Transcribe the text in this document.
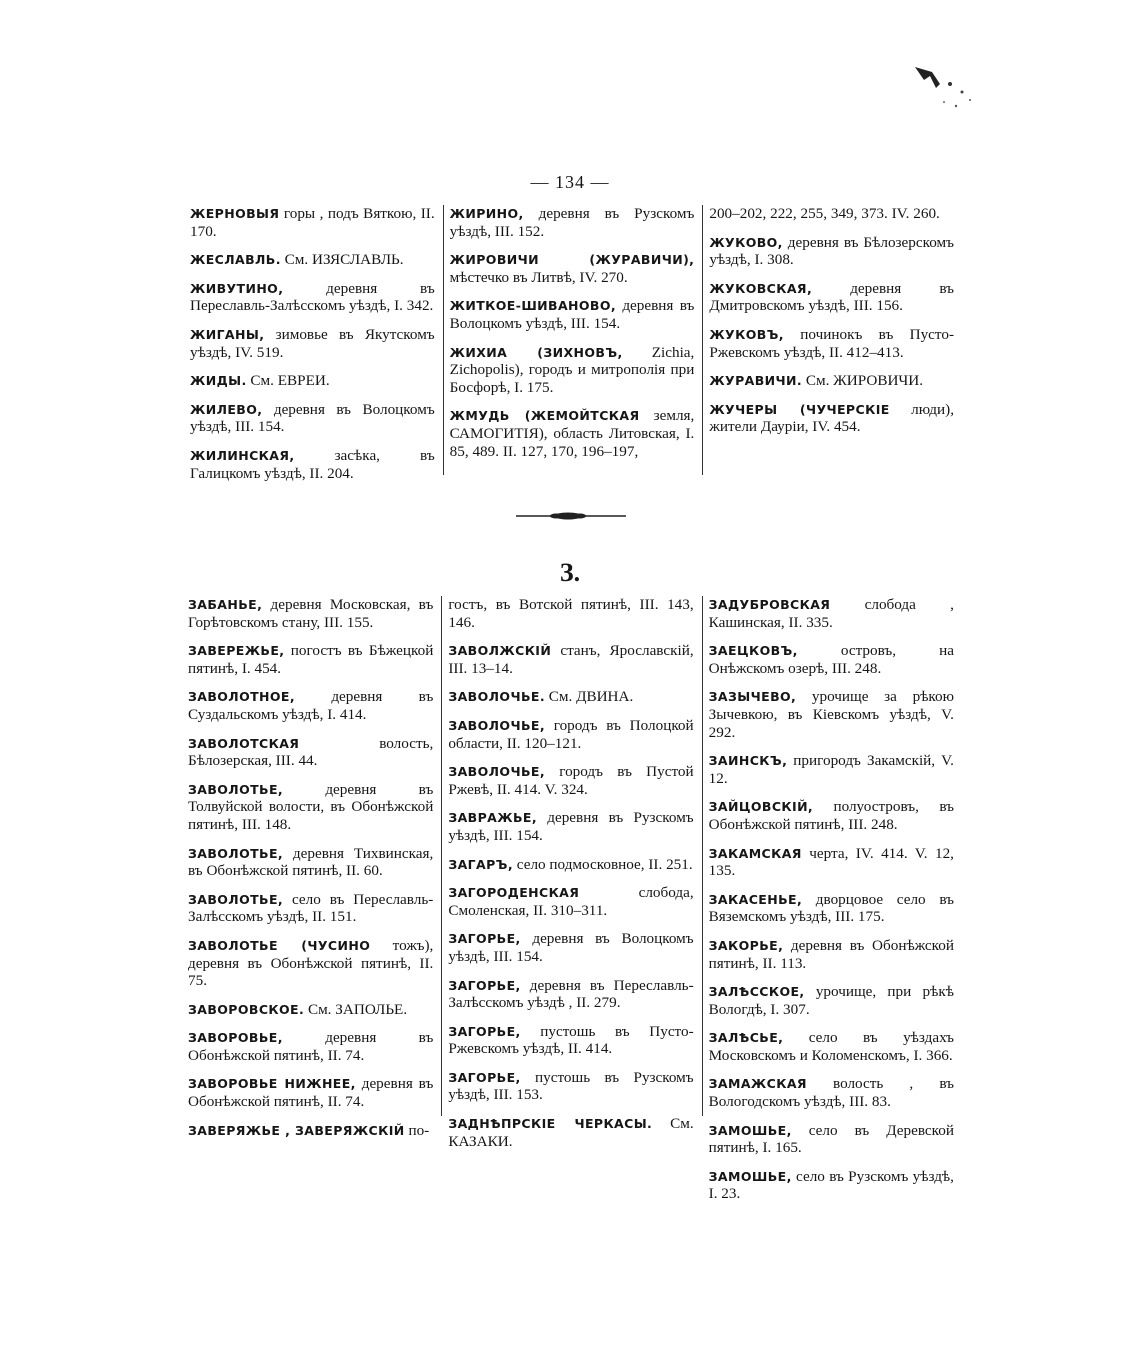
— 134 —

ЖЕРНОВЫЯ горы , подъ Вяткою, II. 170.

ЖЕСЛАВЛЬ. См. ИЗЯСЛАВЛЬ.

ЖИВУТИНО, деревня въ Переславль-Залѣсскомъ уѣздѣ, I. 342.

ЖИГАНЫ, зимовье въ Якутскомъ уѣздѣ, IV. 519.

ЖИДЫ. См. ЕВРЕИ.

ЖИЛЕВО, деревня въ Волоцкомъ уѣздѣ, III. 154.

ЖИЛИНСКАЯ, засѣка, въ Галицкомъ уѣздѣ, II. 204.

ЖИРИНО, деревня въ Рузскомъ уѣздѣ, III. 152.

ЖИРОВИЧИ (ЖУРАВИЧИ), мѣстечко въ Литвѣ, IV. 270.

ЖИТКОЕ-ШИВАНОВО, деревня въ Волоцкомъ уѣздѣ, III. 154.

ЖИХИА (ЗИХНОВЪ, Zichia, Zichopolis), городъ и митрополія при Босфорѣ, I. 175.

ЖМУДЬ (ЖЕМОЙТСКАЯ земля, САМОГИТІЯ), область Литовская, I. 85, 489. II. 127, 170, 196–197,

200–202, 222, 255, 349, 373. IV. 260.

ЖУКОВО, деревня въ Бѣлозерскомъ уѣздѣ, I. 308.

ЖУКОВСКАЯ, деревня въ Дмитровскомъ уѣздѣ, III. 156.

ЖУКОВЪ, починокъ въ Пусто-Ржевскомъ уѣздѣ, II. 412–413.

ЖУРАВИЧИ. См. ЖИРОВИЧИ.

ЖУЧЕРЫ (ЧУЧЕРСКІЕ люди), жители Дауріи, IV. 454.

З.

ЗАБАНЬЕ, деревня Московская, въ Горѣтовскомъ стану, III. 155.

ЗАВЕРЕЖЬЕ, погостъ въ Бѣжецкой пятинѣ, I. 454.

ЗАВОЛОТНОЕ, деревня въ Суздальскомъ уѣздѣ, I. 414.

ЗАВОЛОТСКАЯ волость, Бѣлозерская, III. 44.

ЗАВОЛОТЬЕ, деревня въ Толвуйской волости, въ Обонѣжской пятинѣ, III. 148.

ЗАВОЛОТЬЕ, деревня Тихвинская, въ Обонѣжской пятинѣ, II. 60.

ЗАВОЛОТЬЕ, село въ Переславль-Залѣсскомъ уѣздѣ, II. 151.

ЗАВОЛОТЬЕ (ЧУСИНО тожъ), деревня въ Обонѣжской пятинѣ, II. 75.

ЗАВОРОВСКОЕ. См. ЗАПОЛЬЕ.

ЗАВОРОВЬЕ, деревня въ Обонѣжской пятинѣ, II. 74.

ЗАВОРОВЬЕ НИЖНЕЕ, деревня въ Обонѣжской пятинѣ, II. 74.

ЗАВЕРЯЖЬЕ , ЗАВЕРЯЖСКІЙ по-

гостъ, въ Вотской пятинѣ, III. 143, 146.

ЗАВОЛЖСКІЙ станъ, Ярославскій, III. 13–14.

ЗАВОЛОЧЬЕ. См. ДВИНА.

ЗАВОЛОЧЬЕ, городъ въ Полоцкой области, II. 120–121.

ЗАВОЛОЧЬЕ, городъ въ Пустой Ржевѣ, II. 414. V. 324.

ЗАВРАЖЬЕ, деревня въ Рузскомъ уѣздѣ, III. 154.

ЗАГАРЪ, село подмосковное, II. 251.

ЗАГОРОДЕНСКАЯ слобода, Смоленская, II. 310–311.

ЗАГОРЬЕ, деревня въ Волоцкомъ уѣздѣ, III. 154.

ЗАГОРЬЕ, деревня въ Переславль-Залѣсскомъ уѣздѣ , II. 279.

ЗАГОРЬЕ, пустошь въ Пусто-Ржевскомъ уѣздѣ, II. 414.

ЗАГОРЬЕ, пустошь въ Рузскомъ уѣздѣ, III. 153.

ЗАДНѢПРСКІЕ ЧЕРКАСЫ. См. КАЗАКИ.

ЗАДУБРОВСКАЯ слобода , Кашинская, II. 335.

ЗАЕЦКОВЪ, островъ, на Онѣжскомъ озерѣ, III. 248.

ЗАЗЫЧЕВО, урочище за рѣкою Зычевкою, въ Кіевскомъ уѣздѣ, V. 292.

ЗАИНСКЪ, пригородъ Закамскій, V. 12.

ЗАЙЦОВСКІЙ, полуостровъ, въ Обонѣжской пятинѣ, III. 248.

ЗАКАМСКАЯ черта, IV. 414. V. 12, 135.

ЗАКАСЕНЬЕ, дворцовое село въ Вяземскомъ уѣздѣ, III. 175.

ЗАКОРЬЕ, деревня въ Обонѣжской пятинѣ, II. 113.

ЗАЛѢССКОЕ, урочище, при рѣкѣ Вологдѣ, I. 307.

ЗАЛѢСЬЕ, село въ уѣздахъ Московскомъ и Коломенскомъ, I. 366.

ЗАМАЖСКАЯ волость , въ Вологодскомъ уѣздѣ, III. 83.

ЗАМОШЬЕ, село въ Деревской пятинѣ, I. 165.

ЗАМОШЬЕ, село въ Рузскомъ уѣздѣ, I. 23.
